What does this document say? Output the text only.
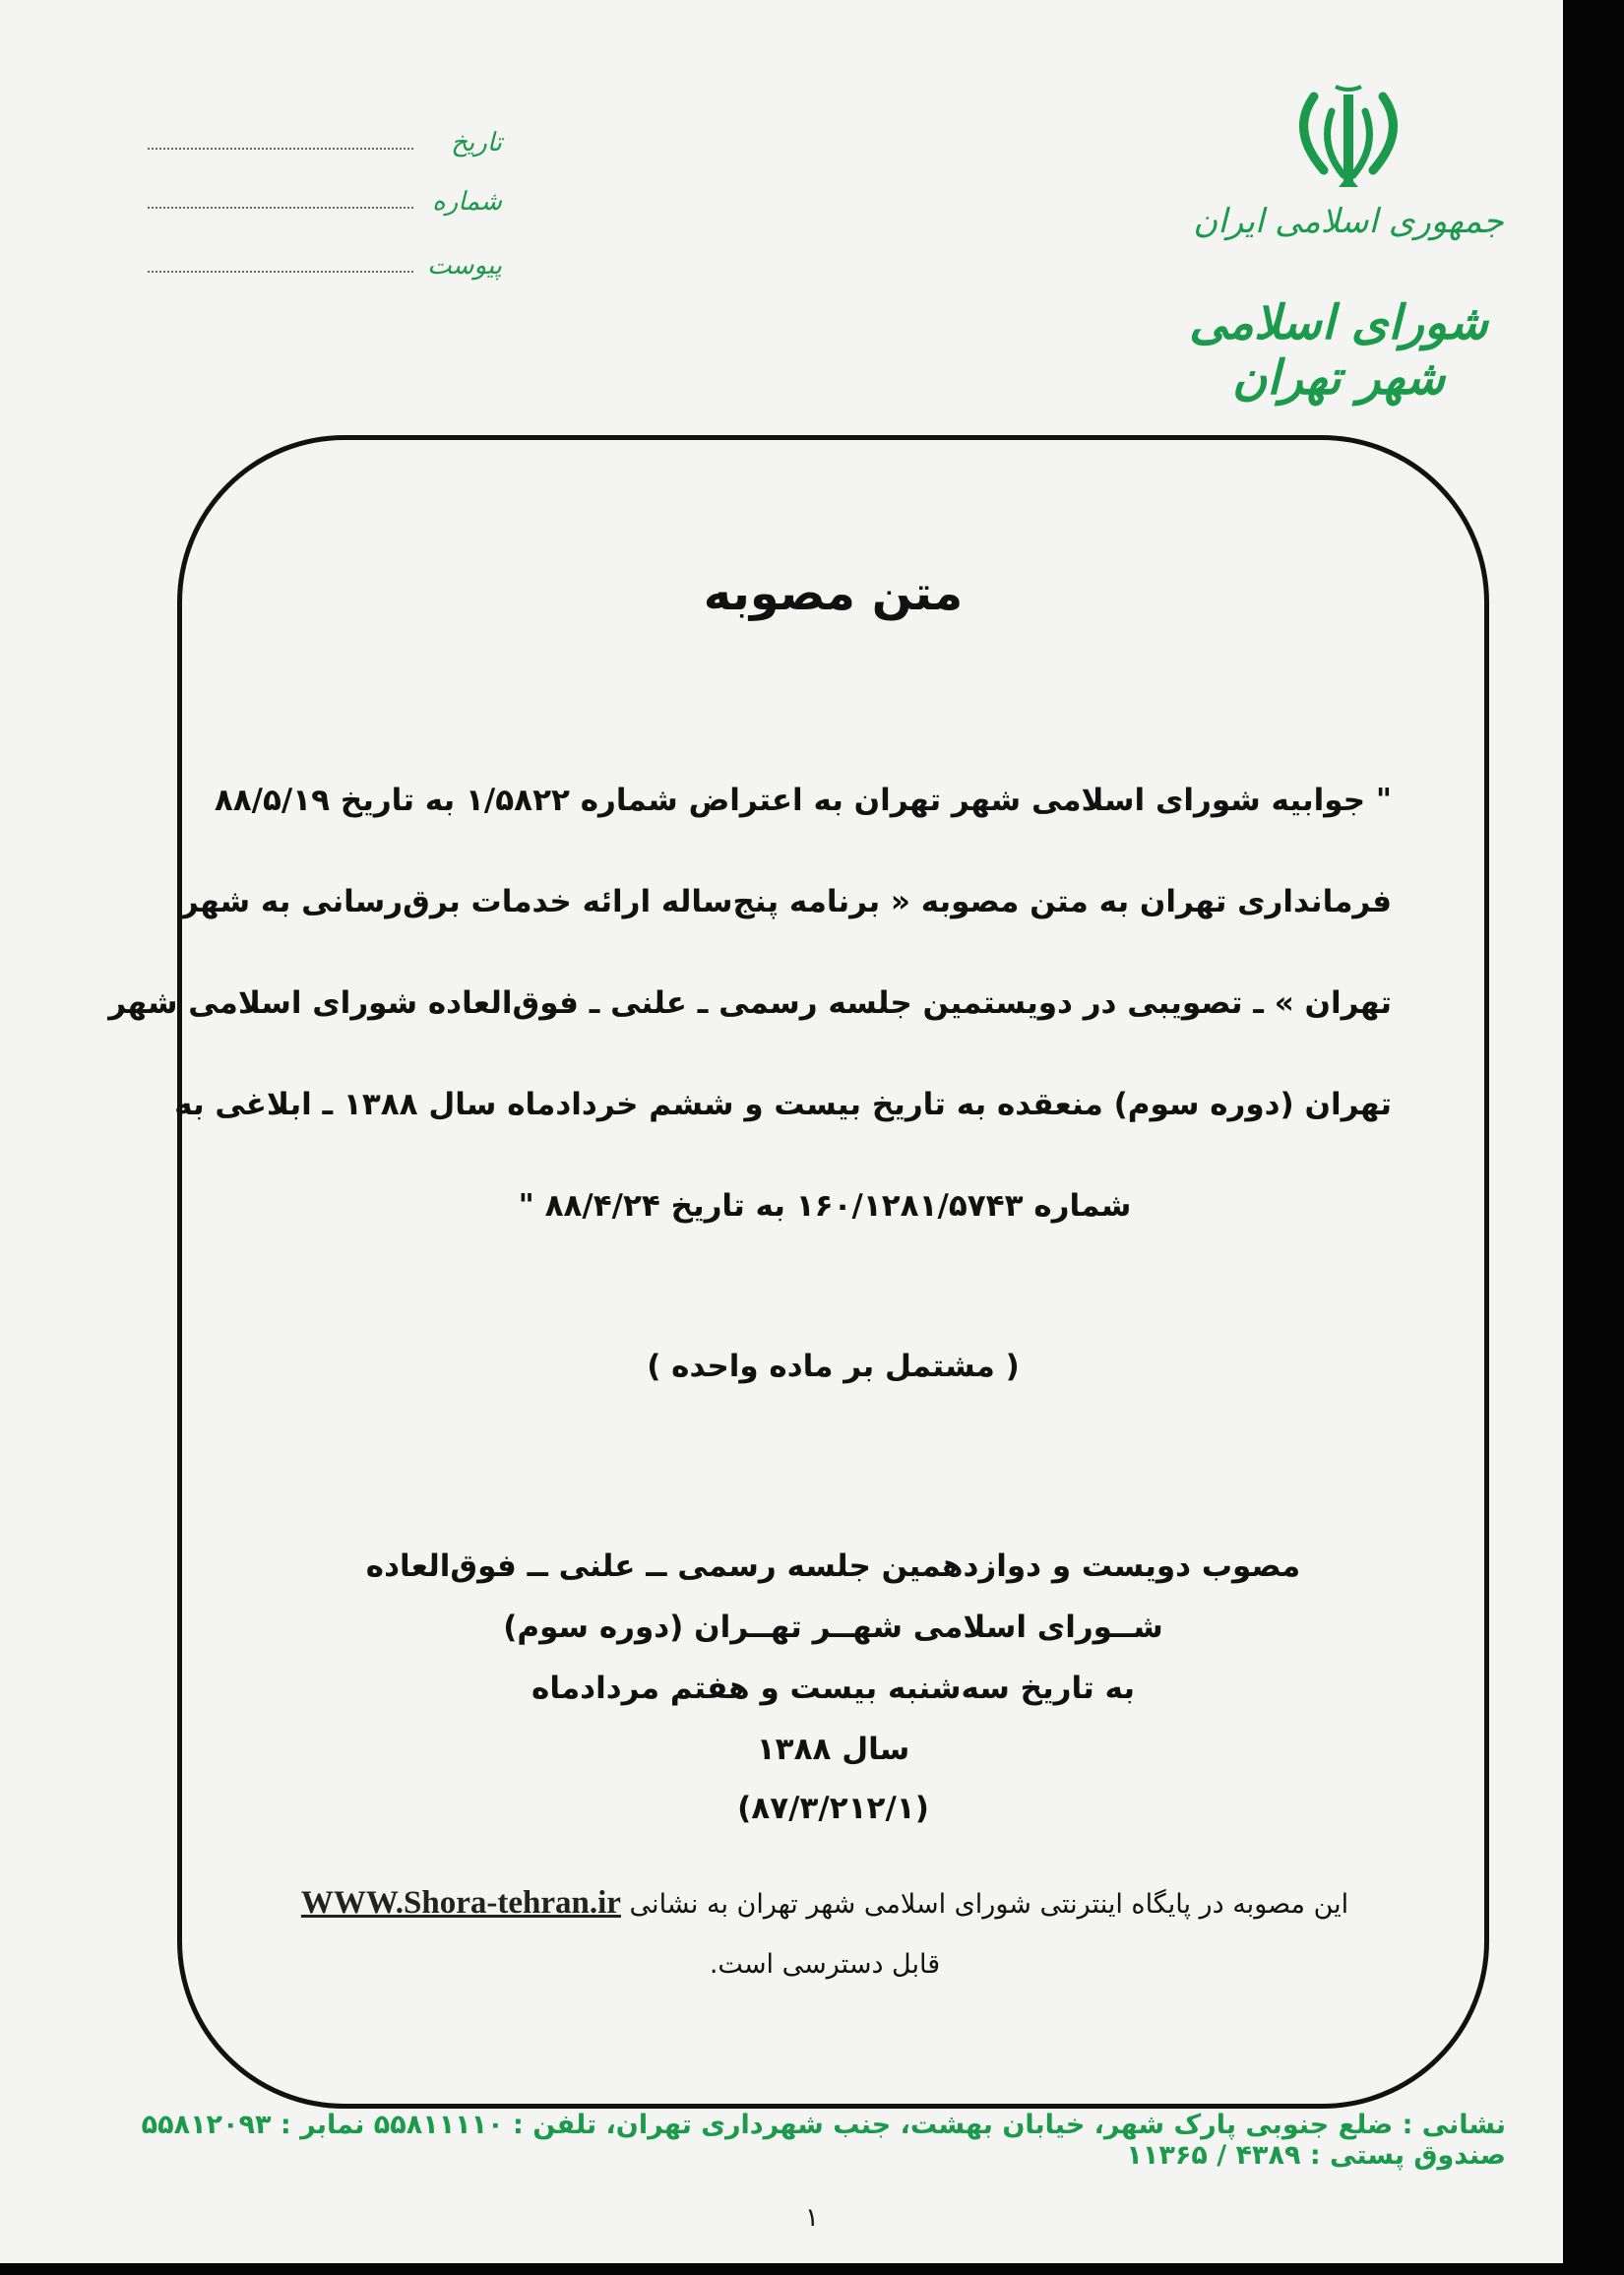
جمهوری اسلامی ایران
شورای اسلامی شهر تهران
تاریخ
شماره
پیوست
متن مصوبه
" جوابیه شورای اسلامی شهر تهران به اعتراض شماره ۱/۵۸۲۲ به تاریخ ۸۸/۵/۱۹
فرمانداری تهران به متن مصوبه « برنامه پنج‌ساله ارائه خدمات برق‌رسانی به شهر
تهران » ـ تصویبی در دویستمین جلسه رسمی ـ علنی ـ فوق‌العاده شورای اسلامی شهر
تهران (دوره سوم) منعقده به تاریخ بیست و ششم خردادماه سال ۱۳۸۸ ـ ابلاغی به
شماره ۱۶۰/۱۲۸۱/۵۷۴۳ به تاریخ ۸۸/۴/۲۴ "
( مشتمل بر ماده واحده )
مصوب دویست و دوازدهمین جلسه رسمی ــ علنی ــ فوق‌العاده
شــورای اسلامی شهــر تهــران (دوره سوم)
به تاریخ سه‌شنبه بیست و هفتم مردادماه
سال ۱۳۸۸
(۸۷/۳/۲۱۲/۱)
این مصوبه در پایگاه اینترنتی شورای اسلامی شهر تهران به نشانی WWW.Shora-tehran.ir
قابل دسترسی است.
نشانی : ضلع جنوبی پارک شهر، خیابان بهشت، جنب شهرداری تهران، تلفن : ۵۵۸۱۱۱۱۰ نمابر : ۵۵۸۱۲۰۹۳ صندوق پستی : ۴۳۸۹ / ۱۱۳۶۵
۱
